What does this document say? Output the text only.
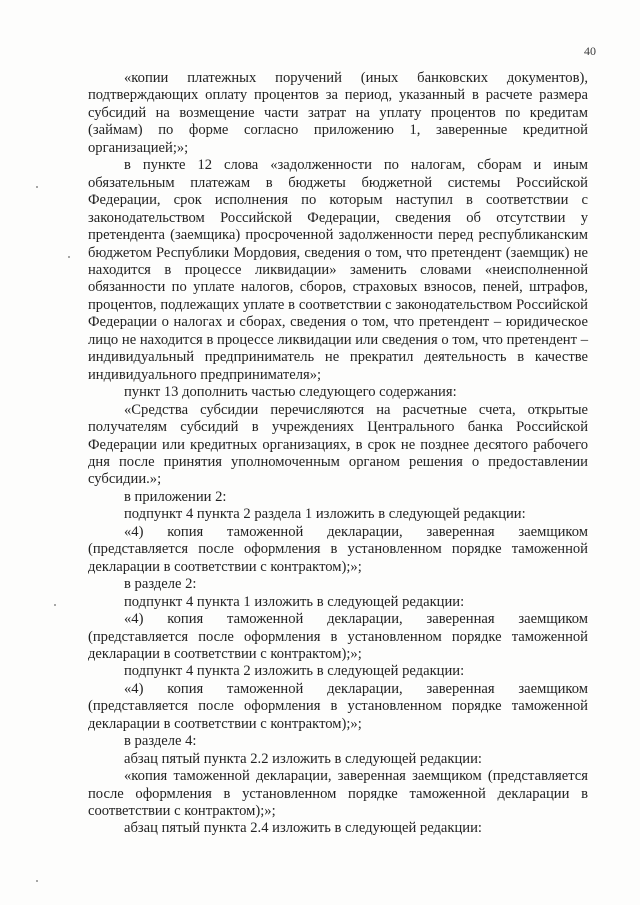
40

«копии платежных поручений (иных банковских документов), подтверждающих оплату процентов за период, указанный в расчете размера субсидий на возмещение части затрат на уплату процентов по кредитам (займам) по форме согласно приложению 1, заверенные кредитной организацией;»;

в пункте 12 слова «задолженности по налогам, сборам и иным обязательным платежам в бюджеты бюджетной системы Российской Федерации, срок исполнения по которым наступил в соответствии с законодательством Российской Федерации, сведения об отсутствии у претендента (заемщика) просроченной задолженности перед республиканским бюджетом Республики Мордовия, сведения о том, что претендент (заемщик) не находится в процессе ликвидации» заменить словами «неисполненной обязанности по уплате налогов, сборов, страховых взносов, пеней, штрафов, процентов, подлежащих уплате в соответствии с законодательством Российской Федерации о налогах и сборах, сведения о том, что претендент – юридическое лицо не находится в процессе ликвидации или сведения о том, что претендент – индивидуальный предприниматель не прекратил деятельность в качестве индивидуального предпринимателя»;

пункт 13 дополнить частью следующего содержания:

«Средства субсидии перечисляются на расчетные счета, открытые получателям субсидий в учреждениях Центрального банка Российской Федерации или кредитных организациях, в срок не позднее десятого рабочего дня после принятия уполномоченным органом решения о предоставлении субсидии.»;

в приложении 2:

подпункт 4 пункта 2 раздела 1 изложить в следующей редакции:

«4) копия таможенной декларации, заверенная заемщиком (представляется после оформления в установленном порядке таможенной декларации в соответствии с контрактом);»;

в разделе 2:

подпункт 4 пункта 1 изложить в следующей редакции:

«4) копия таможенной декларации, заверенная заемщиком (представляется после оформления в установленном порядке таможенной декларации в соответствии с контрактом);»;

подпункт 4 пункта 2 изложить в следующей редакции:

«4) копия таможенной декларации, заверенная заемщиком (представляется после оформления в установленном порядке таможенной декларации в соответствии с контрактом);»;

в разделе 4:

абзац пятый пункта 2.2 изложить в следующей редакции:

«копия таможенной декларации, заверенная заемщиком (представляется после оформления в установленном порядке таможенной декларации в соответствии с контрактом);»;

абзац пятый пункта 2.4 изложить в следующей редакции:
